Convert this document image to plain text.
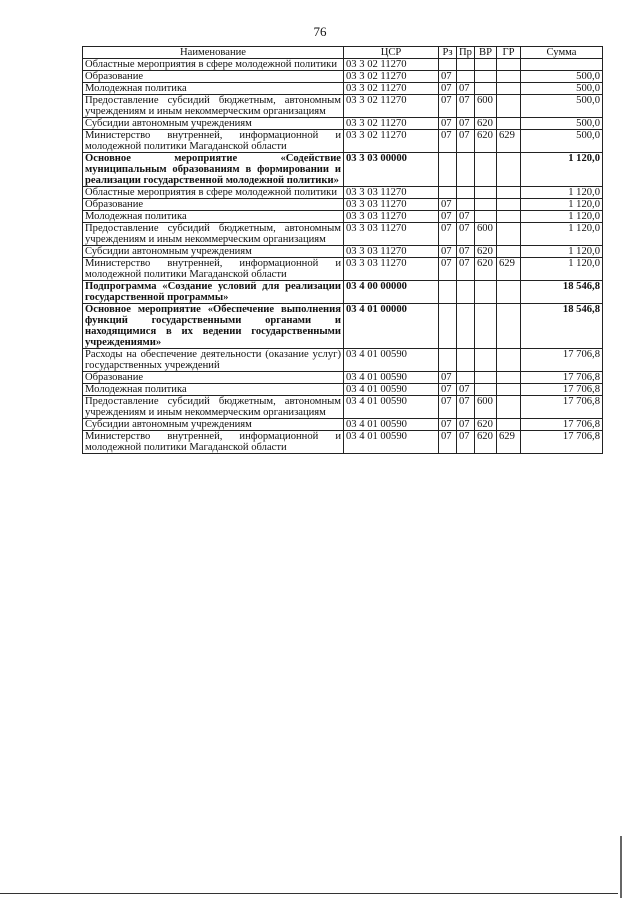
76
Наименование	ЦСР	Рз	Пр	ВР	ГР	Сумма
Областные мероприятия в сфере молодежной политики	03 3 02 11270					
Образование	03 3 02 11270	07				500,0
Молодежная политика	03 3 02 11270	07	07			500,0
Предоставление субсидий бюджетным, автономным учреждениям и иным некоммерческим организациям	03 3 02 11270	07	07	600		500,0
Субсидии автономным учреждениям	03 3 02 11270	07	07	620		500,0
Министерство внутренней, информационной и молодежной политики Магаданской области	03 3 02 11270	07	07	620	629	500,0
Основное мероприятие «Содействие муниципальным образованиям в формировании и реализации государственной молодежной политики»	03 3 03 00000					1 120,0
Областные мероприятия в сфере молодежной политики	03 3 03 11270					1 120,0
Образование	03 3 03 11270	07				1 120,0
Молодежная политика	03 3 03 11270	07	07			1 120,0
Предоставление субсидий бюджетным, автономным учреждениям и иным некоммерческим организациям	03 3 03 11270	07	07	600		1 120,0
Субсидии автономным учреждениям	03 3 03 11270	07	07	620		1 120,0
Министерство внутренней, информационной и молодежной политики Магаданской области	03 3 03 11270	07	07	620	629	1 120,0
Подпрограмма «Создание условий для реализации государственной программы»	03 4 00 00000					18 546,8
Основное мероприятие «Обеспечение выполнения функций государственными органами и находящимися в их ведении государственными учреждениями»	03 4 01 00000					18 546,8
Расходы на обеспечение деятельности (оказание услуг) государственных учреждений	03 4 01 00590					17 706,8
Образование	03 4 01 00590	07				17 706,8
Молодежная политика	03 4 01 00590	07	07			17 706,8
Предоставление субсидий бюджетным, автономным учреждениям и иным некоммерческим организациям	03 4 01 00590	07	07	600		17 706,8
Субсидии автономным учреждениям	03 4 01 00590	07	07	620		17 706,8
Министерство внутренней, информационной и молодежной политики Магаданской области	03 4 01 00590	07	07	620	629	17 706,8
